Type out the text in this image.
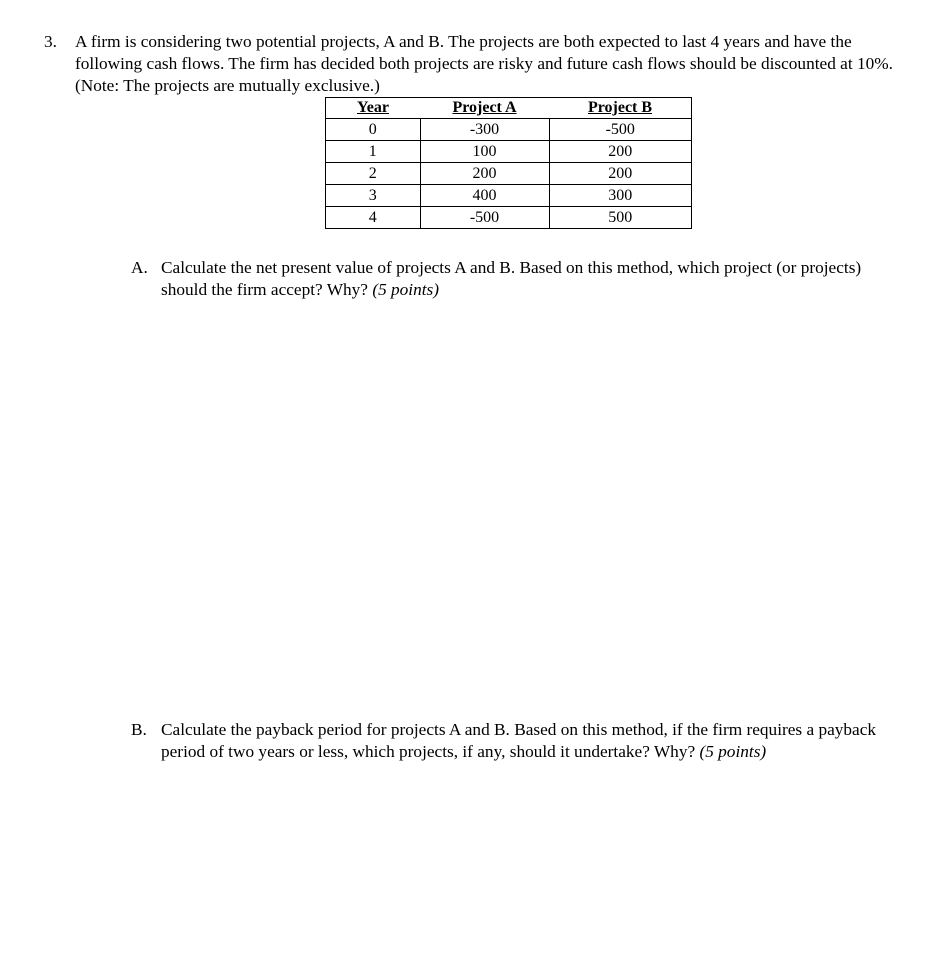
3. A firm is considering two potential projects, A and B. The projects are both expected to last 4 years and have the following cash flows. The firm has decided both projects are risky and future cash flows should be discounted at 10%. (Note: The projects are mutually exclusive.)
Year	Project A	Project B
0	-300	-500
1	100	200
2	200	200
3	400	300
4	-500	500
A. Calculate the net present value of projects A and B. Based on this method, which project (or projects) should the firm accept? Why? (5 points)
B. Calculate the payback period for projects A and B. Based on this method, if the firm requires a payback period of two years or less, which projects, if any, should it undertake? Why? (5 points)
